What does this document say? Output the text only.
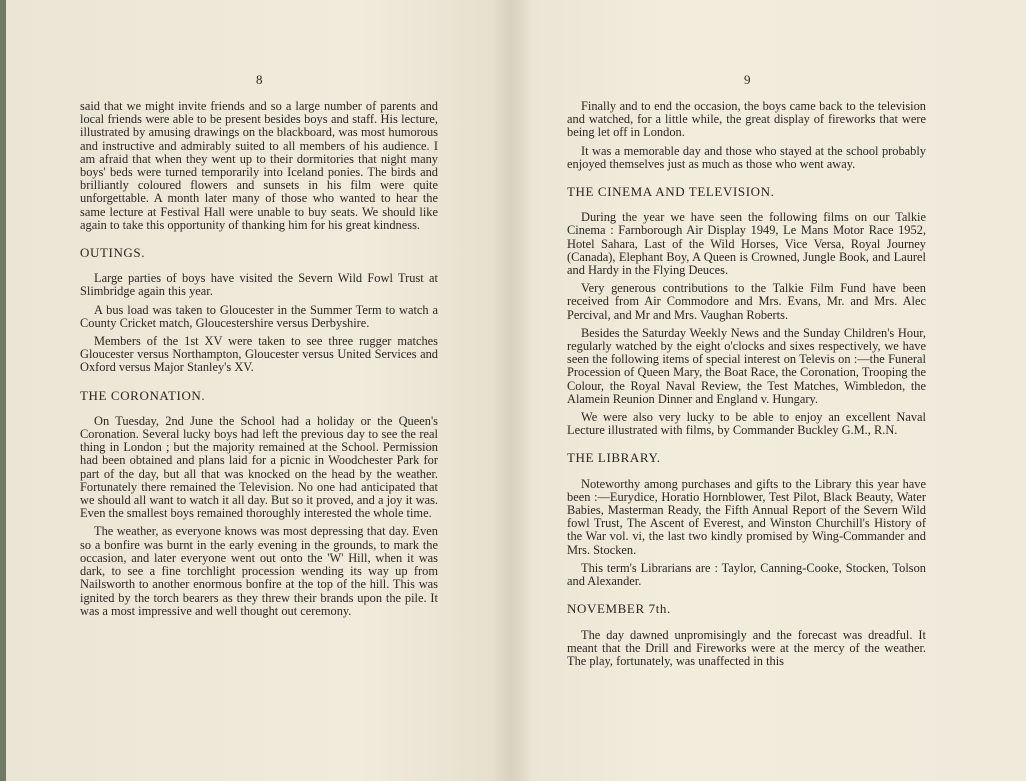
8

said that we might invite friends and so a large number of parents and local friends were able to be present besides boys and staff. His lecture, illustrated by amusing drawings on the blackboard, was most humorous and instructive and admirably suited to all members of his audience. I am afraid that when they went up to their dormitories that night many boys' beds were turned temporarily into Iceland ponies. The birds and brilliantly coloured flowers and sunsets in his film were quite unforgettable. A month later many of those who wanted to hear the same lecture at Festival Hall were unable to buy seats. We should like again to take this opportunity of thanking him for his great kindness.

OUTINGS.

Large parties of boys have visited the Severn Wild Fowl Trust at Slimbridge again this year.

A bus load was taken to Gloucester in the Summer Term to watch a County Cricket match, Gloucestershire versus Derbyshire.

Members of the 1st XV were taken to see three rugger matches Gloucester versus Northampton, Gloucester versus United Services and Oxford versus Major Stanley's XV.

THE CORONATION.

On Tuesday, 2nd June the School had a holiday or the Queen's Coronation. Several lucky boys had left the previous day to see the real thing in London ; but the majority remained at the School. Permission had been obtained and plans laid for a picnic in Woodchester Park for part of the day, but all that was knocked on the head by the weather. Fortunately there remained the Television. No one had anticipated that we should all want to watch it all day. But so it proved, and a joy it was. Even the smallest boys remained thoroughly interested the whole time.

The weather, as everyone knows was most depressing that day. Even so a bonfire was burnt in the early evening in the grounds, to mark the occasion, and later everyone went out onto the 'W' Hill, when it was dark, to see a fine torchlight procession wending its way up from Nailsworth to another enormous bonfire at the top of the hill. This was ignited by the torch bearers as they threw their brands upon the pile. It was a most impressive and well thought out ceremony.

9

Finally and to end the occasion, the boys came back to the television and watched, for a little while, the great display of fireworks that were being let off in London.

It was a memorable day and those who stayed at the school probably enjoyed themselves just as much as those who went away.

THE CINEMA AND TELEVISION.

During the year we have seen the following films on our Talkie Cinema : Farnborough Air Display 1949, Le Mans Motor Race 1952, Hotel Sahara, Last of the Wild Horses, Vice Versa, Royal Journey (Canada), Elephant Boy, A Queen is Crowned, Jungle Book, and Laurel and Hardy in the Flying Deuces.

Very generous contributions to the Talkie Film Fund have been received from Air Commodore and Mrs. Evans, Mr. and Mrs. Alec Percival, and Mr and Mrs. Vaughan Roberts.

Besides the Saturday Weekly News and the Sunday Children's Hour, regularly watched by the eight o'clocks and sixes respectively, we have seen the following items of special interest on Televis on :—the Funeral Procession of Queen Mary, the Boat Race, the Coronation, Trooping the Colour, the Royal Naval Review, the Test Matches, Wimbledon, the Alamein Reunion Dinner and England v. Hungary.

We were also very lucky to be able to enjoy an excellent Naval Lecture illustrated with films, by Commander Buckley G.M., R.N.

THE LIBRARY.

Noteworthy among purchases and gifts to the Library this year have been :—Eurydice, Horatio Hornblower, Test Pilot, Black Beauty, Water Babies, Masterman Ready, the Fifth Annual Report of the Severn Wild fowl Trust, The Ascent of Everest, and Winston Churchill's History of the War vol. vi, the last two kindly promised by Wing-Commander and Mrs. Stocken.

This term's Librarians are : Taylor, Canning-Cooke, Stocken, Tolson and Alexander.

NOVEMBER 7th.

The day dawned unpromisingly and the forecast was dreadful. It meant that the Drill and Fireworks were at the mercy of the weather. The play, fortunately, was unaffected in this
